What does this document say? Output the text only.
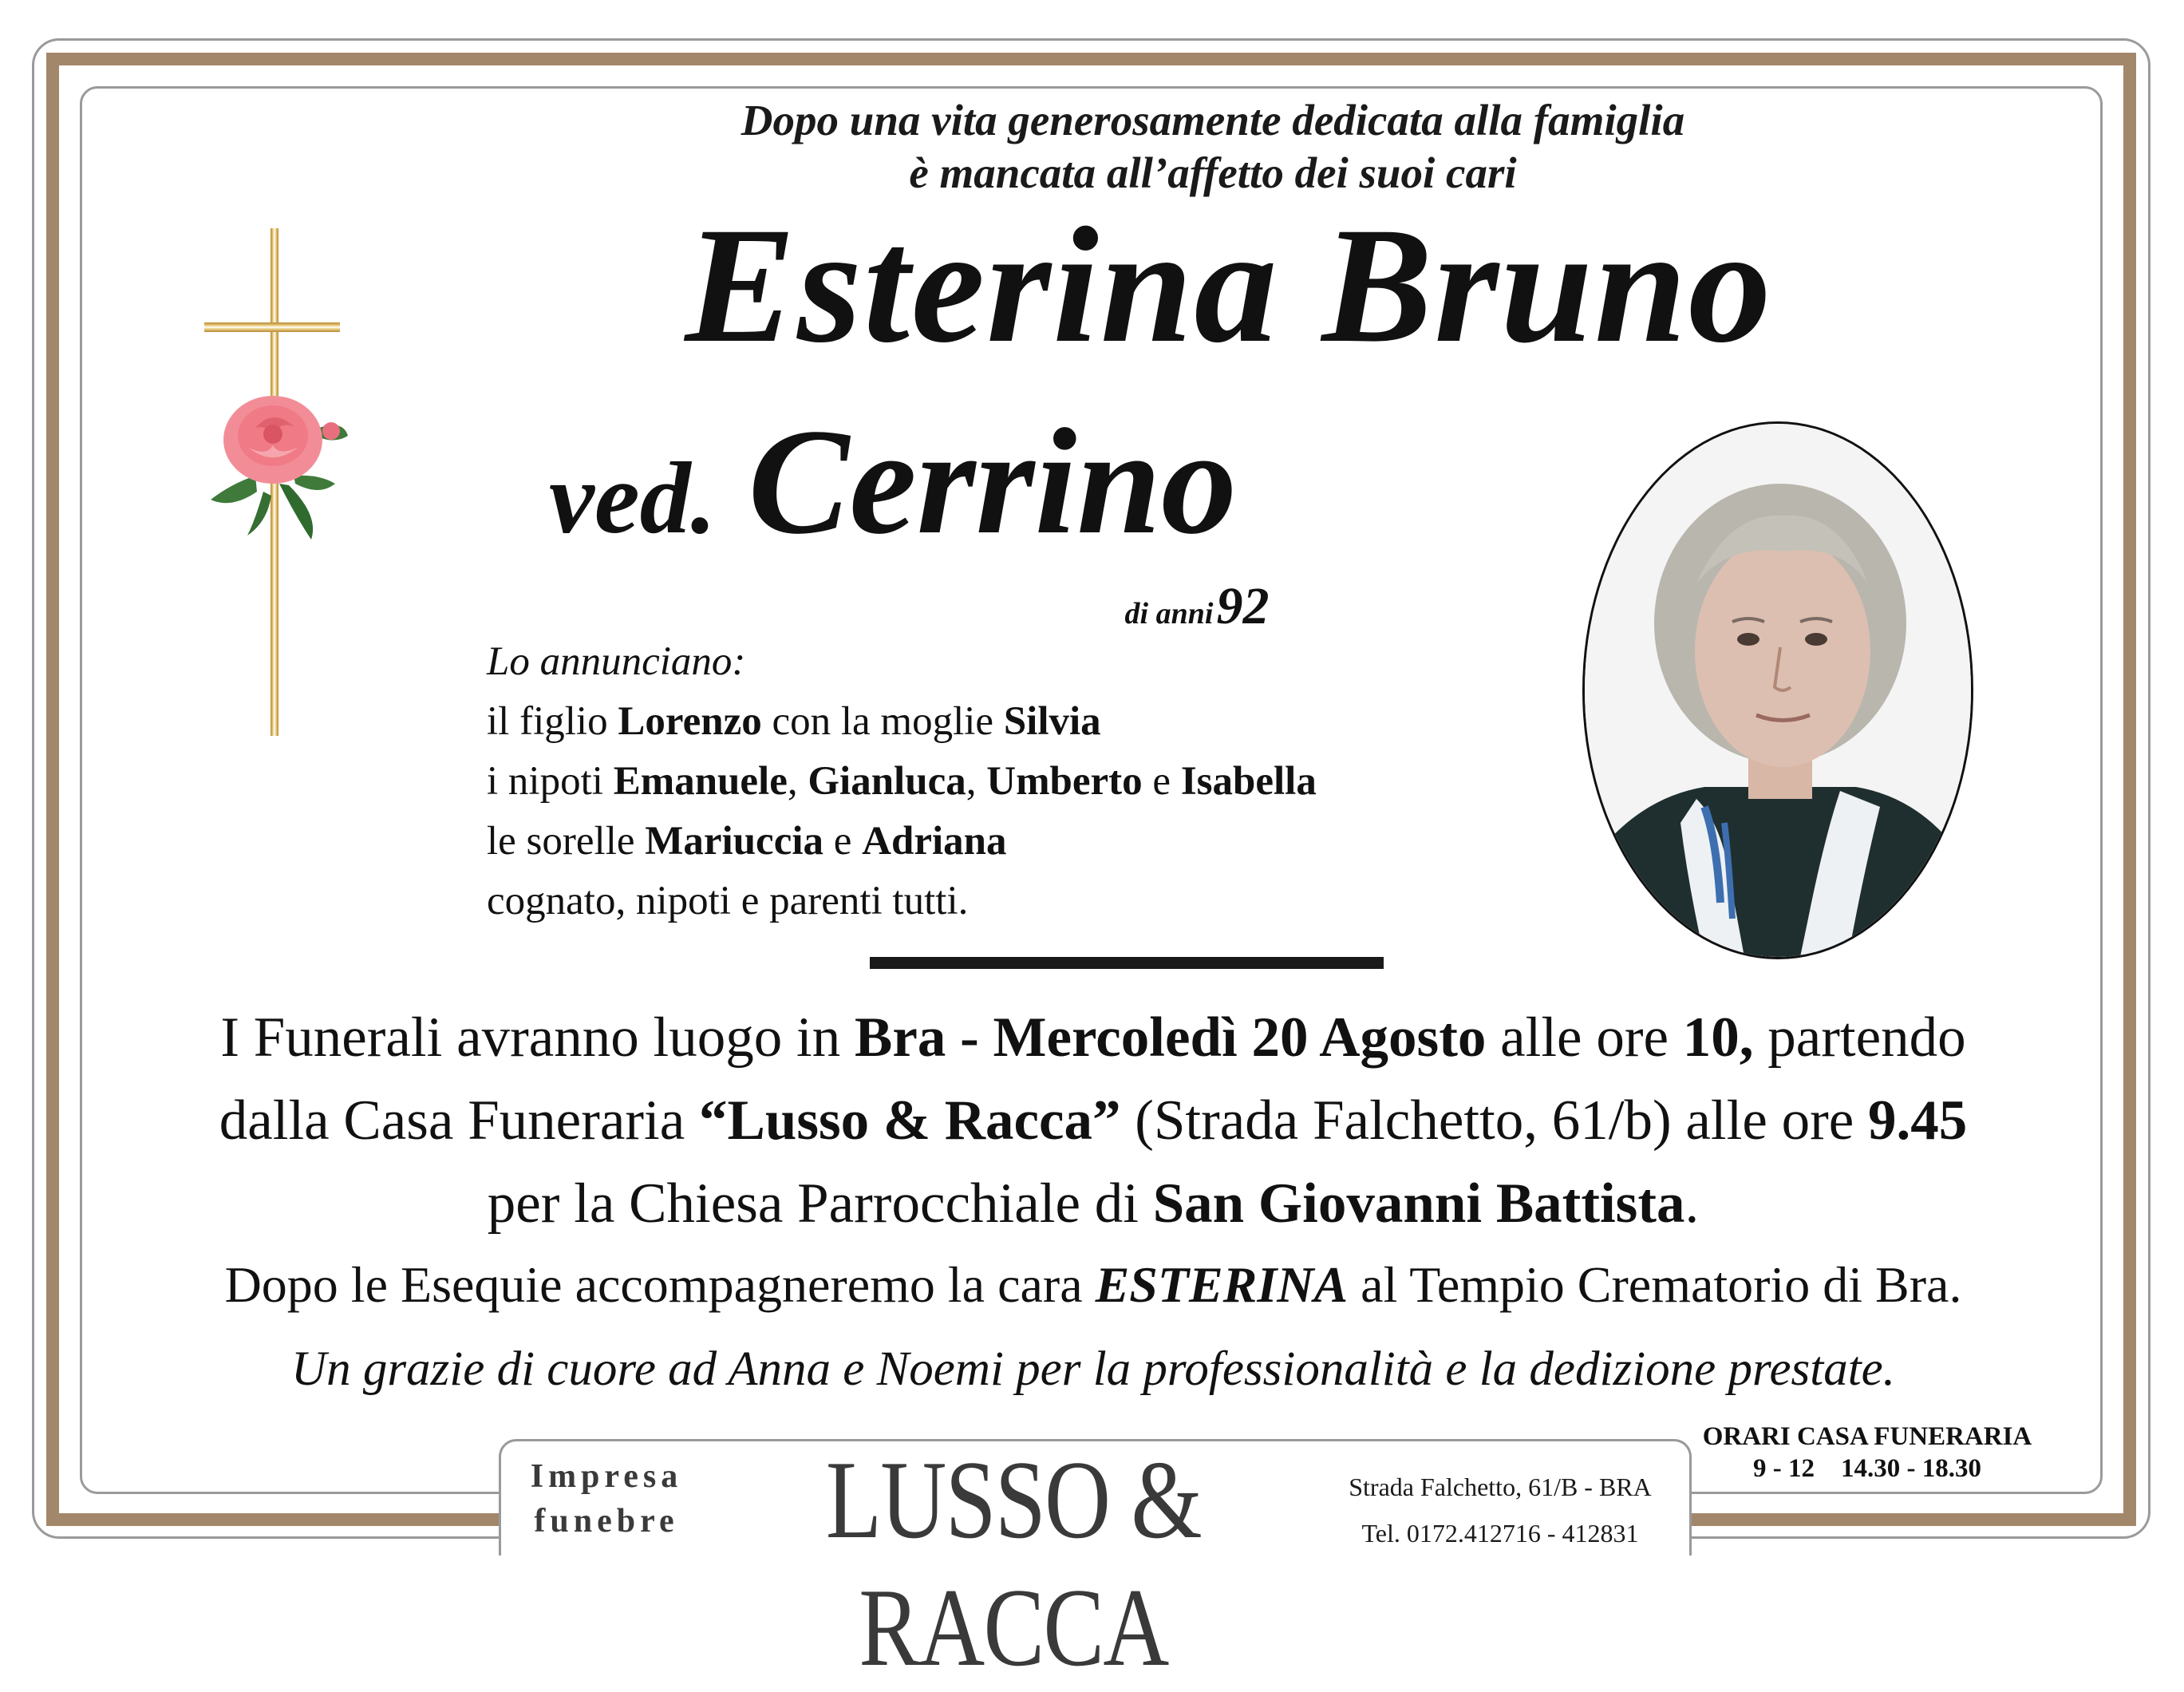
Dopo una vita generosamente dedicata alla famiglia
è mancata all’affetto dei suoi cari
Esterina Bruno
ved. Cerrino
di anni 92
Lo annunciano:
il figlio Lorenzo con la moglie Silvia
i nipoti Emanuele, Gianluca, Umberto e Isabella
le sorelle Mariuccia e Adriana
cognato, nipoti e parenti tutti.
I Funerali avranno luogo in Bra - Mercoledì 20 Agosto alle ore 10, partendo
dalla Casa Funeraria “Lusso & Racca” (Strada Falchetto, 61/b) alle ore 9.45
per la Chiesa Parrocchiale di San Giovanni Battista.
Dopo le Esequie accompagneremo la cara ESTERINA al Tempio Crematorio di Bra.
Un grazie di cuore ad Anna e Noemi per la professionalità e la dedizione prestate.
ORARI CASA FUNERARIA
9 - 12    14.30 - 18.30
Impresa
funebre	LUSSO & RACCA
Strada Falchetto, 61/B - BRA
Tel. 0172.412716 - 412831
